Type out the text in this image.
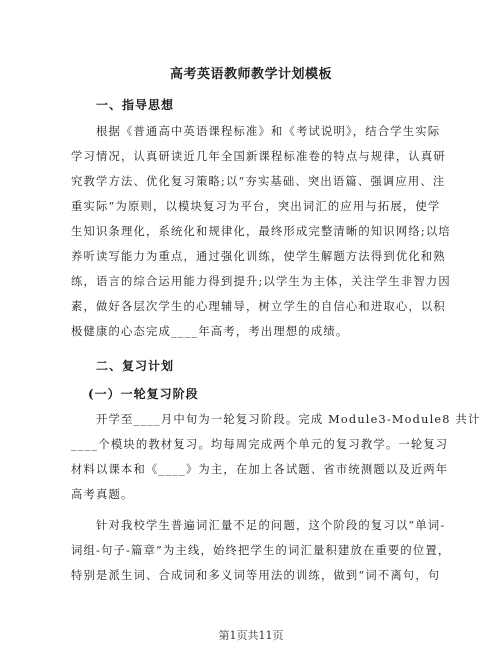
高考英语教师教学计划模板
一、指导思想
根据《普通高中英语课程标准》和《考试说明》，结合学生实际
学习情况，认真研读近几年全国新课程标准卷的特点与规律，认真研
究教学方法、优化复习策略;以“夯实基础、突出语篇、强调应用、注
重实际”为原则，以模块复习为平台，突出词汇的应用与拓展，使学
生知识条理化，系统化和规律化，最终形成完整清晰的知识网络;以培
养听读写能力为重点，通过强化训练，使学生解题方法得到优化和熟
练，语言的综合运用能力得到提升;以学生为主体，关注学生非智力因
素，做好各层次学生的心理辅导，树立学生的自信心和进取心，以积
极健康的心态完成____年高考，考出理想的成绩。
二、复习计划
(一）一轮复习阶段
开学至____月中旬为一轮复习阶段。完成 Module3-Module8 共计
____个模块的教材复习。均每周完成两个单元的复习教学。一轮复习
材料以课本和《____》为主，在加上各试题、省市统测题以及近两年
高考真题。
针对我校学生普遍词汇量不足的问题，这个阶段的复习以“单词-
词组-句子-篇章”为主线，始终把学生的词汇量积建放在重要的位置，
特别是派生词、合成词和多义词等用法的训练，做到“词不离句，句
第1页共11页
